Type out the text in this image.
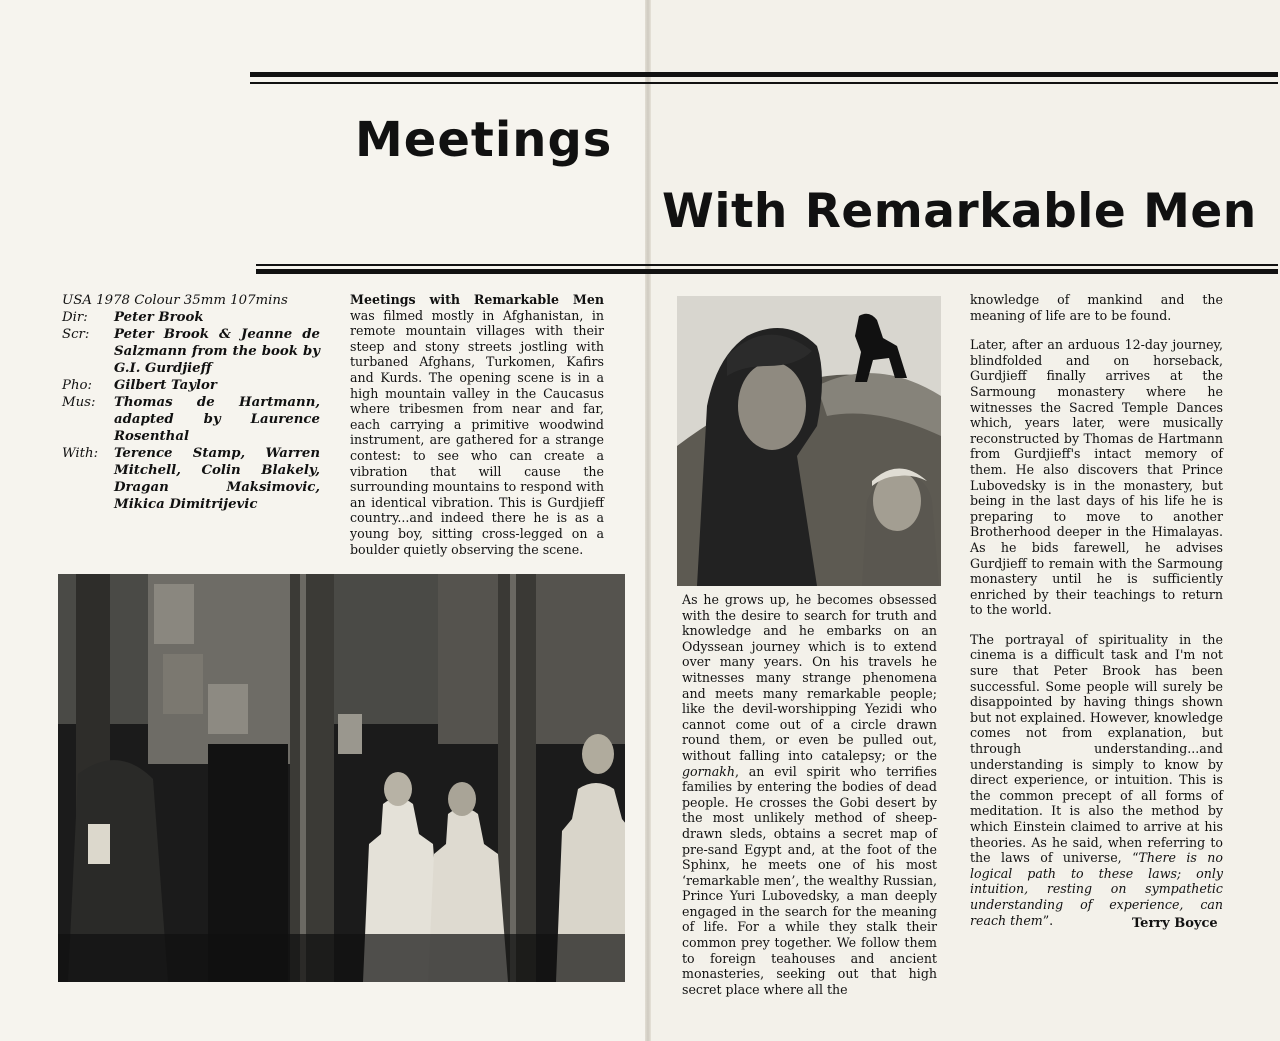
Meetings
With Remarkable Men
USA 1978 Colour 35mm 107mins
Dir:	Peter Brook
Scr:	Peter Brook & Jeanne de Salzmann from the book by G.I. Gurdjieff
Pho:	Gilbert Taylor
Mus:	Thomas de Hartmann, adapted by Laurence Rosenthal
With:	Terence Stamp, Warren Mitchell, Colin Blakely, Dragan Maksimovic, Mikica Dimitrijevic

Meetings with Remarkable Men was filmed mostly in Afghanistan, in remote mountain villages with their steep and stony streets jostling with turbaned Afghans, Turkomen, Kafirs and Kurds. The opening scene is in a high mountain valley in the Caucasus where tribesmen from near and far, each carrying a primitive woodwind instrument, are gathered for a strange contest: to see who can create a vibration that will cause the surrounding mountains to respond with an identical vibration. This is Gurdjieff country...and indeed there he is as a young boy, sitting cross-legged on a boulder quietly observing the scene.

As he grows up, he becomes obsessed with the desire to search for truth and knowledge and he embarks on an Odyssean journey which is to extend over many years. On his travels he witnesses many strange phenomena and meets many remarkable people; like the devil-worshipping Yezidi who cannot come out of a circle drawn round them, or even be pulled out, without falling into catalepsy; or the gornakh, an evil spirit who terrifies families by entering the bodies of dead people. He crosses the Gobi desert by the most unlikely method of sheep-drawn sleds, obtains a secret map of pre-sand Egypt and, at the foot of the Sphinx, he meets one of his most ‘remarkable men’, the wealthy Russian, Prince Yuri Lubovedsky, a man deeply engaged in the search for the meaning of life. For a while they stalk their common prey together. We follow them to foreign teahouses and ancient monasteries, seeking out that high secret place where all the

knowledge of mankind and the meaning of life are to be found.

Later, after an arduous 12-day journey, blindfolded and on horseback, Gurdjieff finally arrives at the Sarmoung monastery where he witnesses the Sacred Temple Dances which, years later, were musically reconstructed by Thomas de Hartmann from Gurdjieff's intact memory of them. He also discovers that Prince Lubovedsky is in the monastery, but being in the last days of his life he is preparing to move to another Brotherhood deeper in the Himalayas. As he bids farewell, he advises Gurdjieff to remain with the Sarmoung monastery until he is sufficiently enriched by their teachings to return to the world.

The portrayal of spirituality in the cinema is a difficult task and I'm not sure that Peter Brook has been successful. Some people will surely be disappointed by having things shown but not explained. However, knowledge comes not from explanation, but through understanding...and understanding is simply to know by direct experience, or intuition. This is the common precept of all forms of meditation. It is also the method by which Einstein claimed to arrive at his theories. As he said, when referring to the laws of universe, “There is no logical path to these laws; only intuition, resting on sympathetic understanding of experience, can reach them”.	Terry Boyce
